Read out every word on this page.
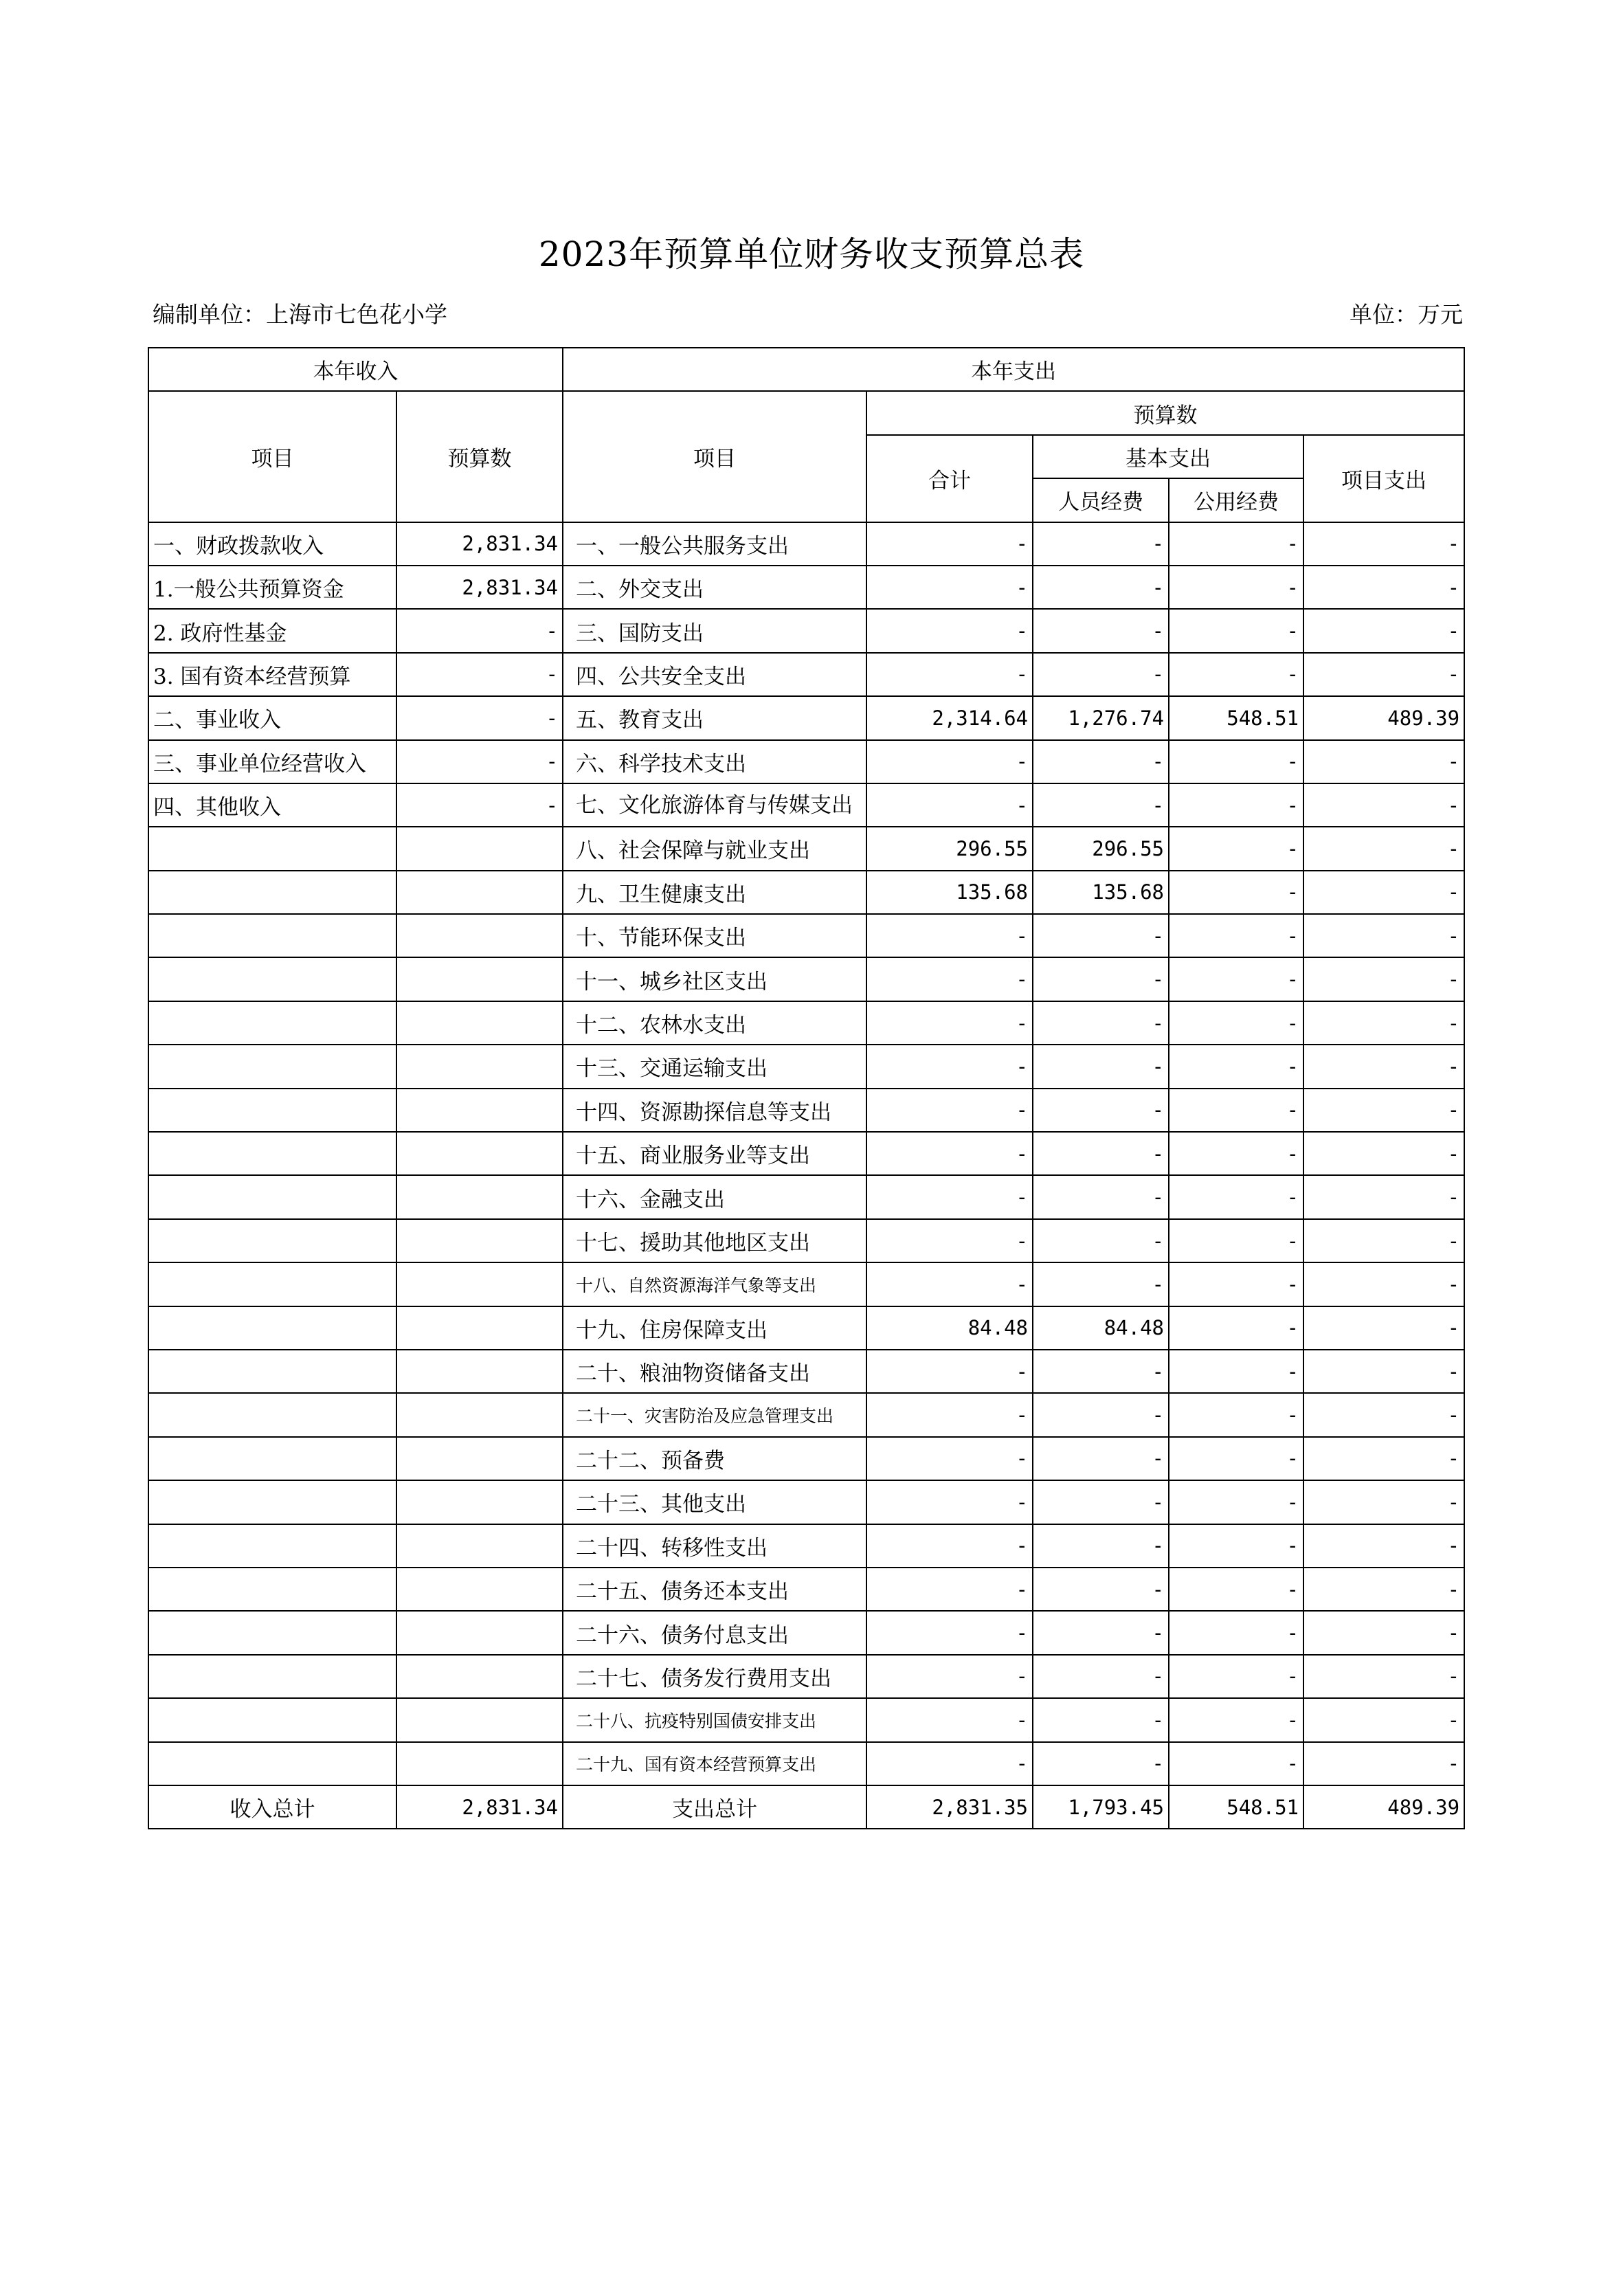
2023年预算单位财务收支预算总表
编制单位：上海市七色花小学	单位：万元
本年收入		本年支出				
项目	预算数	项目	预算数			
			合计	基本支出		项目支出
				人员经费	公用经费	
一、财政拨款收入	2,831.34	一、一般公共服务支出	-	-	-	-
1.一般公共预算资金	2,831.34	二、外交支出	-	-	-	-
2. 政府性基金	-	三、国防支出	-	-	-	-
3. 国有资本经营预算	-	四、公共安全支出	-	-	-	-
二、事业收入	-	五、教育支出	2,314.64	1,276.74	548.51	489.39
三、事业单位经营收入	-	六、科学技术支出	-	-	-	-
四、其他收入	-	七、文化旅游体育与传媒支出	-	-	-	-
		八、社会保障与就业支出	296.55	296.55	-	-
		九、卫生健康支出	135.68	135.68	-	-
		十、节能环保支出	-	-	-	-
		十一、城乡社区支出	-	-	-	-
		十二、农林水支出	-	-	-	-
		十三、交通运输支出	-	-	-	-
		十四、资源勘探信息等支出	-	-	-	-
		十五、商业服务业等支出	-	-	-	-
		十六、金融支出	-	-	-	-
		十七、援助其他地区支出	-	-	-	-
		十八、自然资源海洋气象等支出	-	-	-	-
		十九、住房保障支出	84.48	84.48	-	-
		二十、粮油物资储备支出	-	-	-	-
		二十一、灾害防治及应急管理支出	-	-	-	-
		二十二、预备费	-	-	-	-
		二十三、其他支出	-	-	-	-
		二十四、转移性支出	-	-	-	-
		二十五、债务还本支出	-	-	-	-
		二十六、债务付息支出	-	-	-	-
		二十七、债务发行费用支出	-	-	-	-
		二十八、抗疫特别国债安排支出	-	-	-	-
		二十九、国有资本经营预算支出	-	-	-	-
收入总计	2,831.34	支出总计	2,831.35	1,793.45	548.51	489.39
